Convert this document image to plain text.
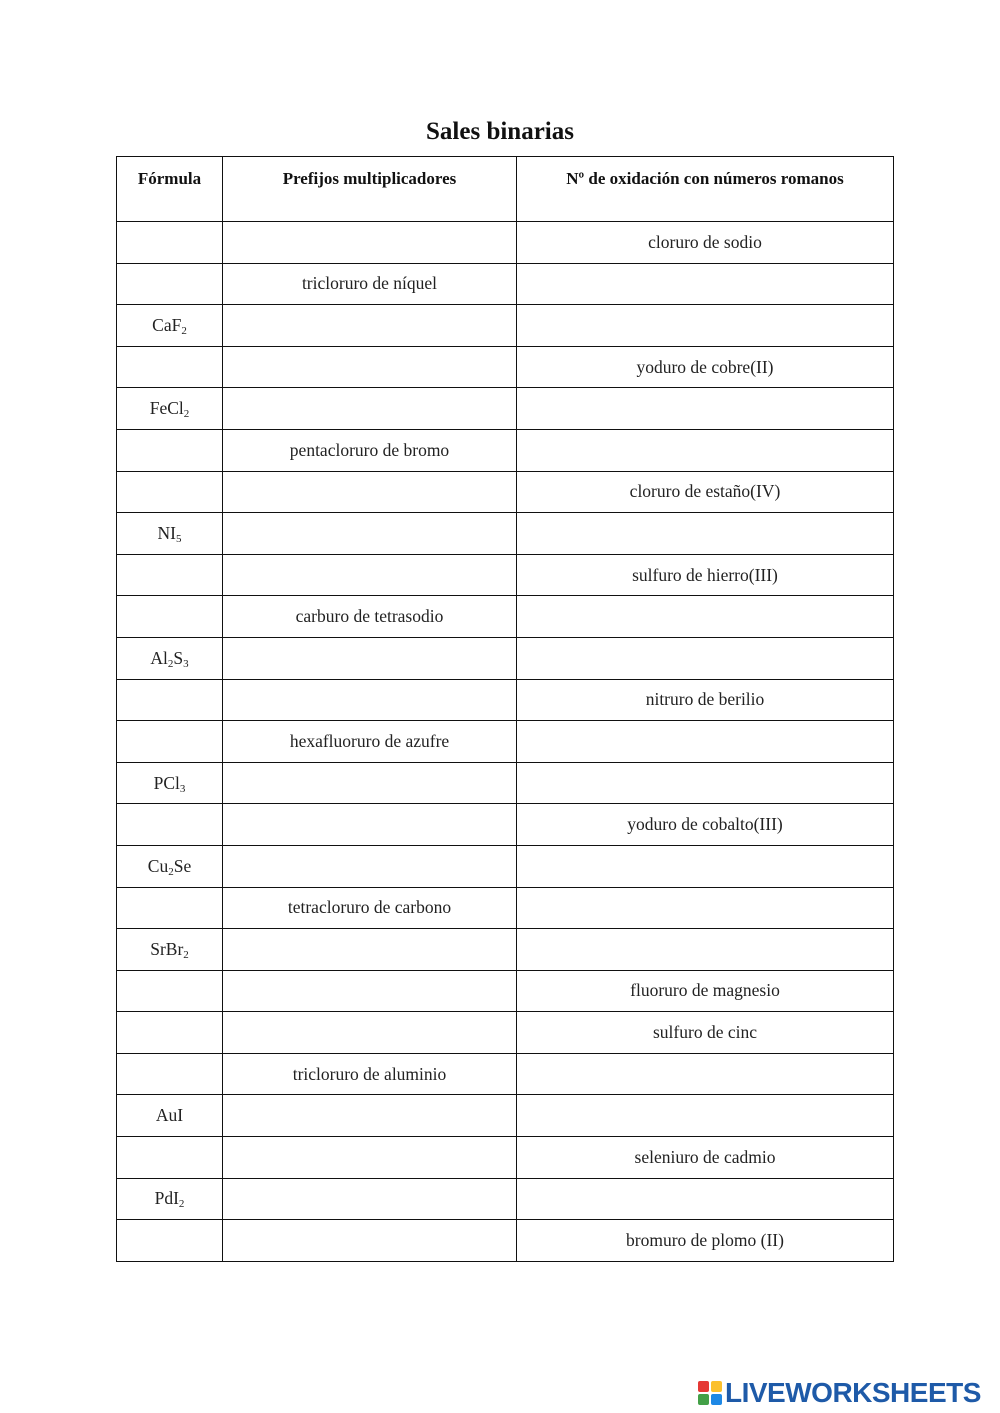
Sales binarias
Fórmula	Prefijos multiplicadores	Nº de oxidación con números romanos
		cloruro de sodio
	tricloruro de níquel	
CaF$_2$		
		yoduro de cobre(II)
FeCl$_2$		
	pentacloruro de bromo	
		cloruro de estaño(IV)
$NI_5$		
		sulfuro de hierro(III)
	carburo de tetrasodio	
$Al_2S_3$		
		nitruro de berilio
	hexafluoruro de azufre	
PCl$_3$		
		yoduro de cobalto(III)
$Cu_2Se$		
	tetracloruro de carbono	
SrBr$_2$		
		fluoruro de magnesio
		sulfuro de cinc
	tricloruro de aluminio	
AuI		
		seleniuro de cadmio
PdI$_2$		
		bromuro de plomo (II)
LIVEWORKSHEETS
